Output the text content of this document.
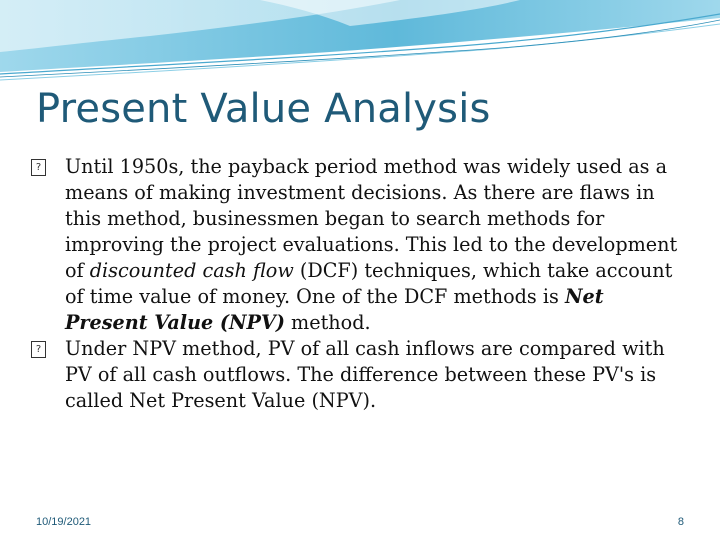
Present Value Analysis

? Until 1950s, the payback period method was widely used as a means of making investment decisions. As there are flaws in this method, businessmen began to search methods for improving the project evaluations. This led to the development of discounted cash flow (DCF) techniques, which take account of time value of money. One of the DCF methods is Net Present Value (NPV) method.

? Under NPV method, PV of all cash inflows are compared with PV of all cash outflows. The difference between these PV's is called Net Present Value (NPV).

10/19/2021	8
